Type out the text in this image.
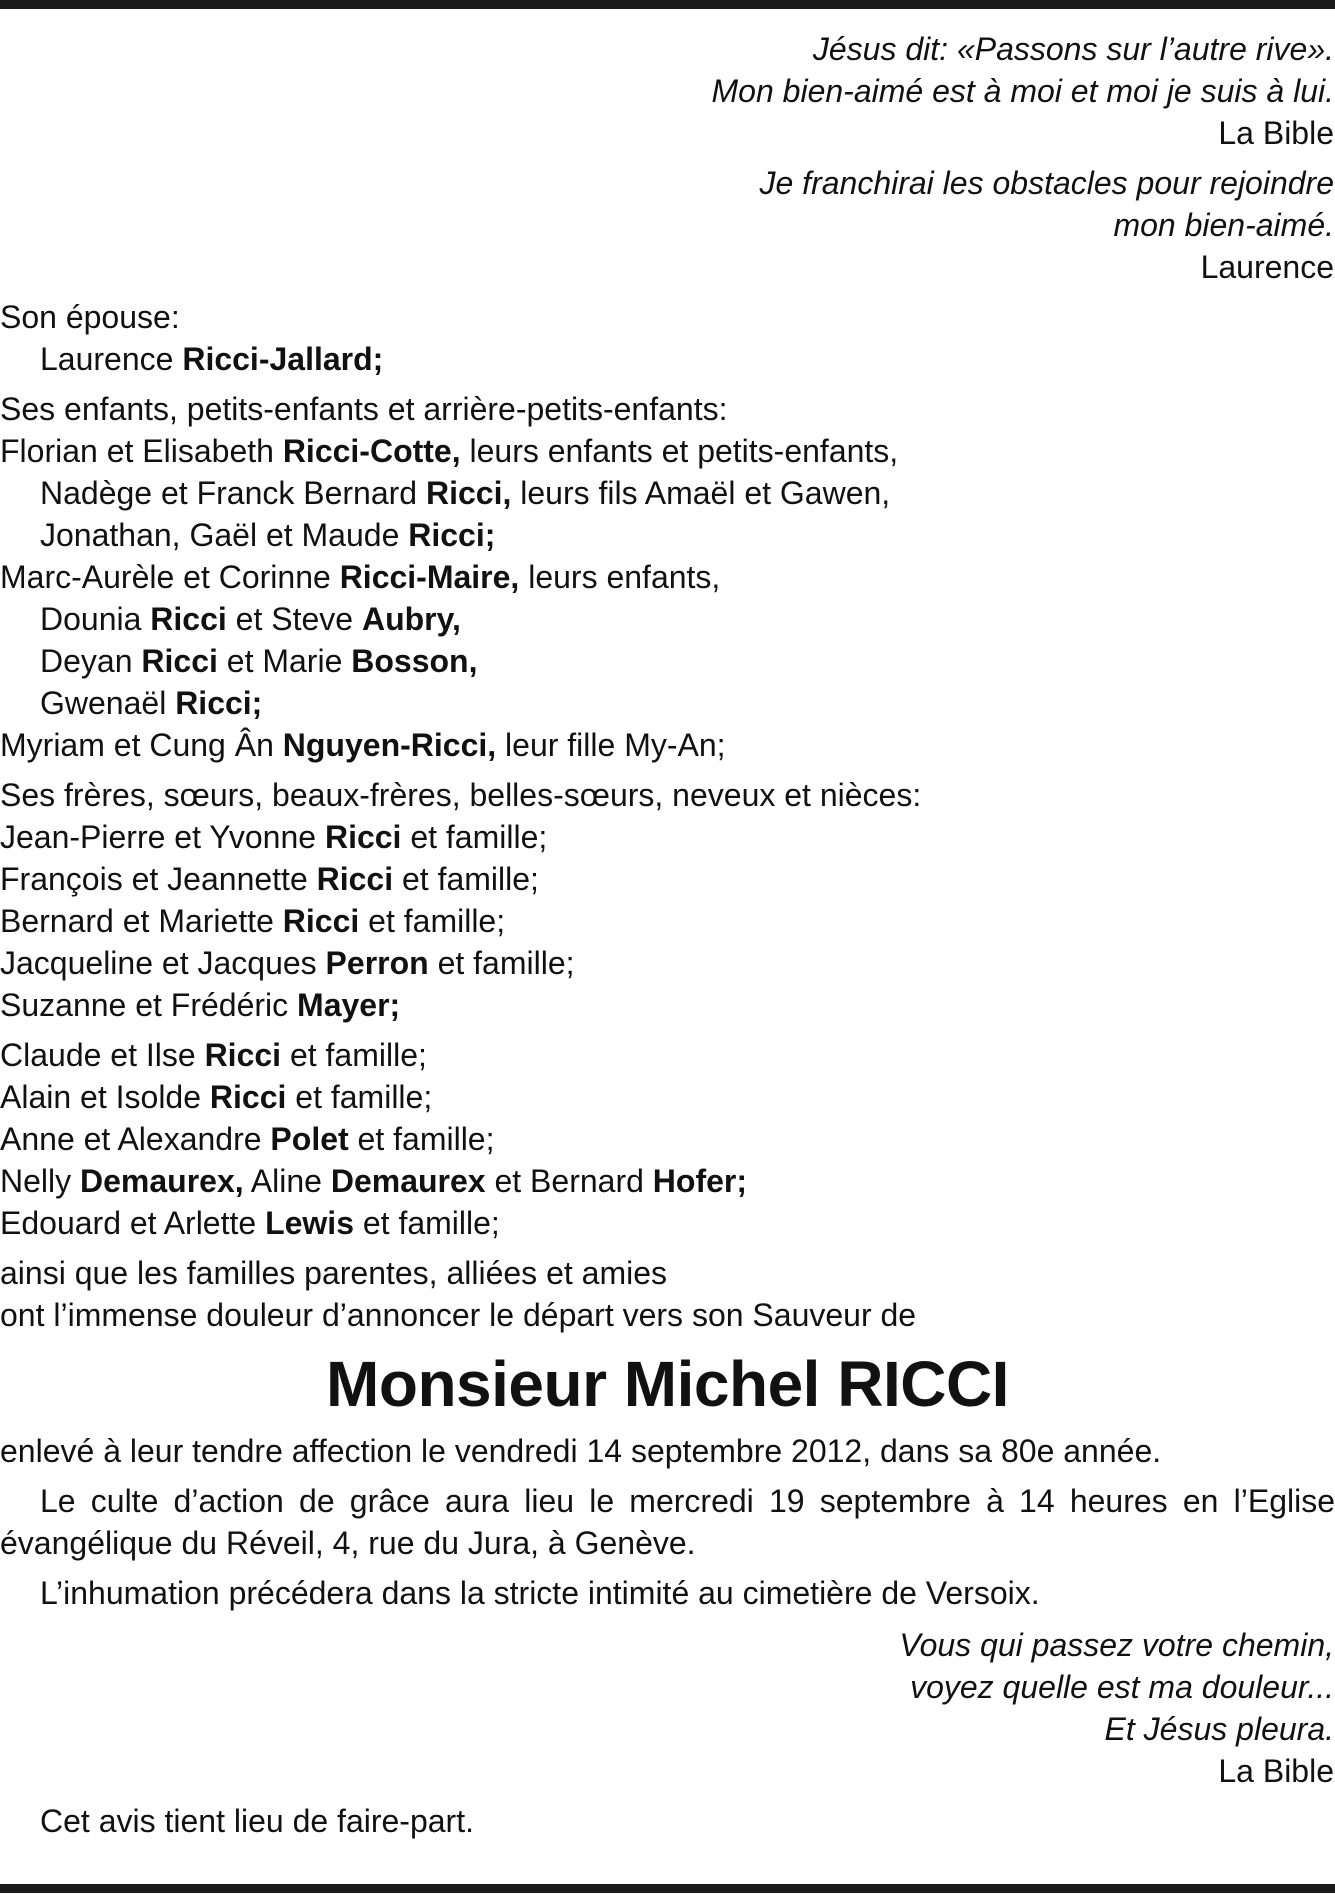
Jésus dit: «Passons sur l’autre rive».
Mon bien-aimé est à moi et moi je suis à lui.
La Bible
Je franchirai les obstacles pour rejoindre
mon bien-aimé.
Laurence
Son épouse:
Laurence Ricci-Jallard;
Ses enfants, petits-enfants et arrière-petits-enfants:
Florian et Elisabeth Ricci-Cotte, leurs enfants et petits-enfants,
Nadège et Franck Bernard Ricci, leurs fils Amaël et Gawen,
Jonathan, Gaël et Maude Ricci;
Marc-Aurèle et Corinne Ricci-Maire, leurs enfants,
Dounia Ricci et Steve Aubry,
Deyan Ricci et Marie Bosson,
Gwenaël Ricci;
Myriam et Cung Ân Nguyen-Ricci, leur fille My-An;
Ses frères, sœurs, beaux-frères, belles-sœurs, neveux et nièces:
Jean-Pierre et Yvonne Ricci et famille;
François et Jeannette Ricci et famille;
Bernard et Mariette Ricci et famille;
Jacqueline et Jacques Perron et famille;
Suzanne et Frédéric Mayer;
Claude et Ilse Ricci et famille;
Alain et Isolde Ricci et famille;
Anne et Alexandre Polet et famille;
Nelly Demaurex, Aline Demaurex et Bernard Hofer;
Edouard et Arlette Lewis et famille;
ainsi que les familles parentes, alliées et amies
ont l’immense douleur d’annoncer le départ vers son Sauveur de
Monsieur Michel RICCI
enlevé à leur tendre affection le vendredi 14 septembre 2012, dans sa 80e année.
Le culte d’action de grâce aura lieu le mercredi 19 septembre à 14 heures en l’Eglise évangélique du Réveil, 4, rue du Jura, à Genève.
L’inhumation précédera dans la stricte intimité au cimetière de Versoix.
Vous qui passez votre chemin,
voyez quelle est ma douleur...
Et Jésus pleura.
La Bible
Cet avis tient lieu de faire-part.
